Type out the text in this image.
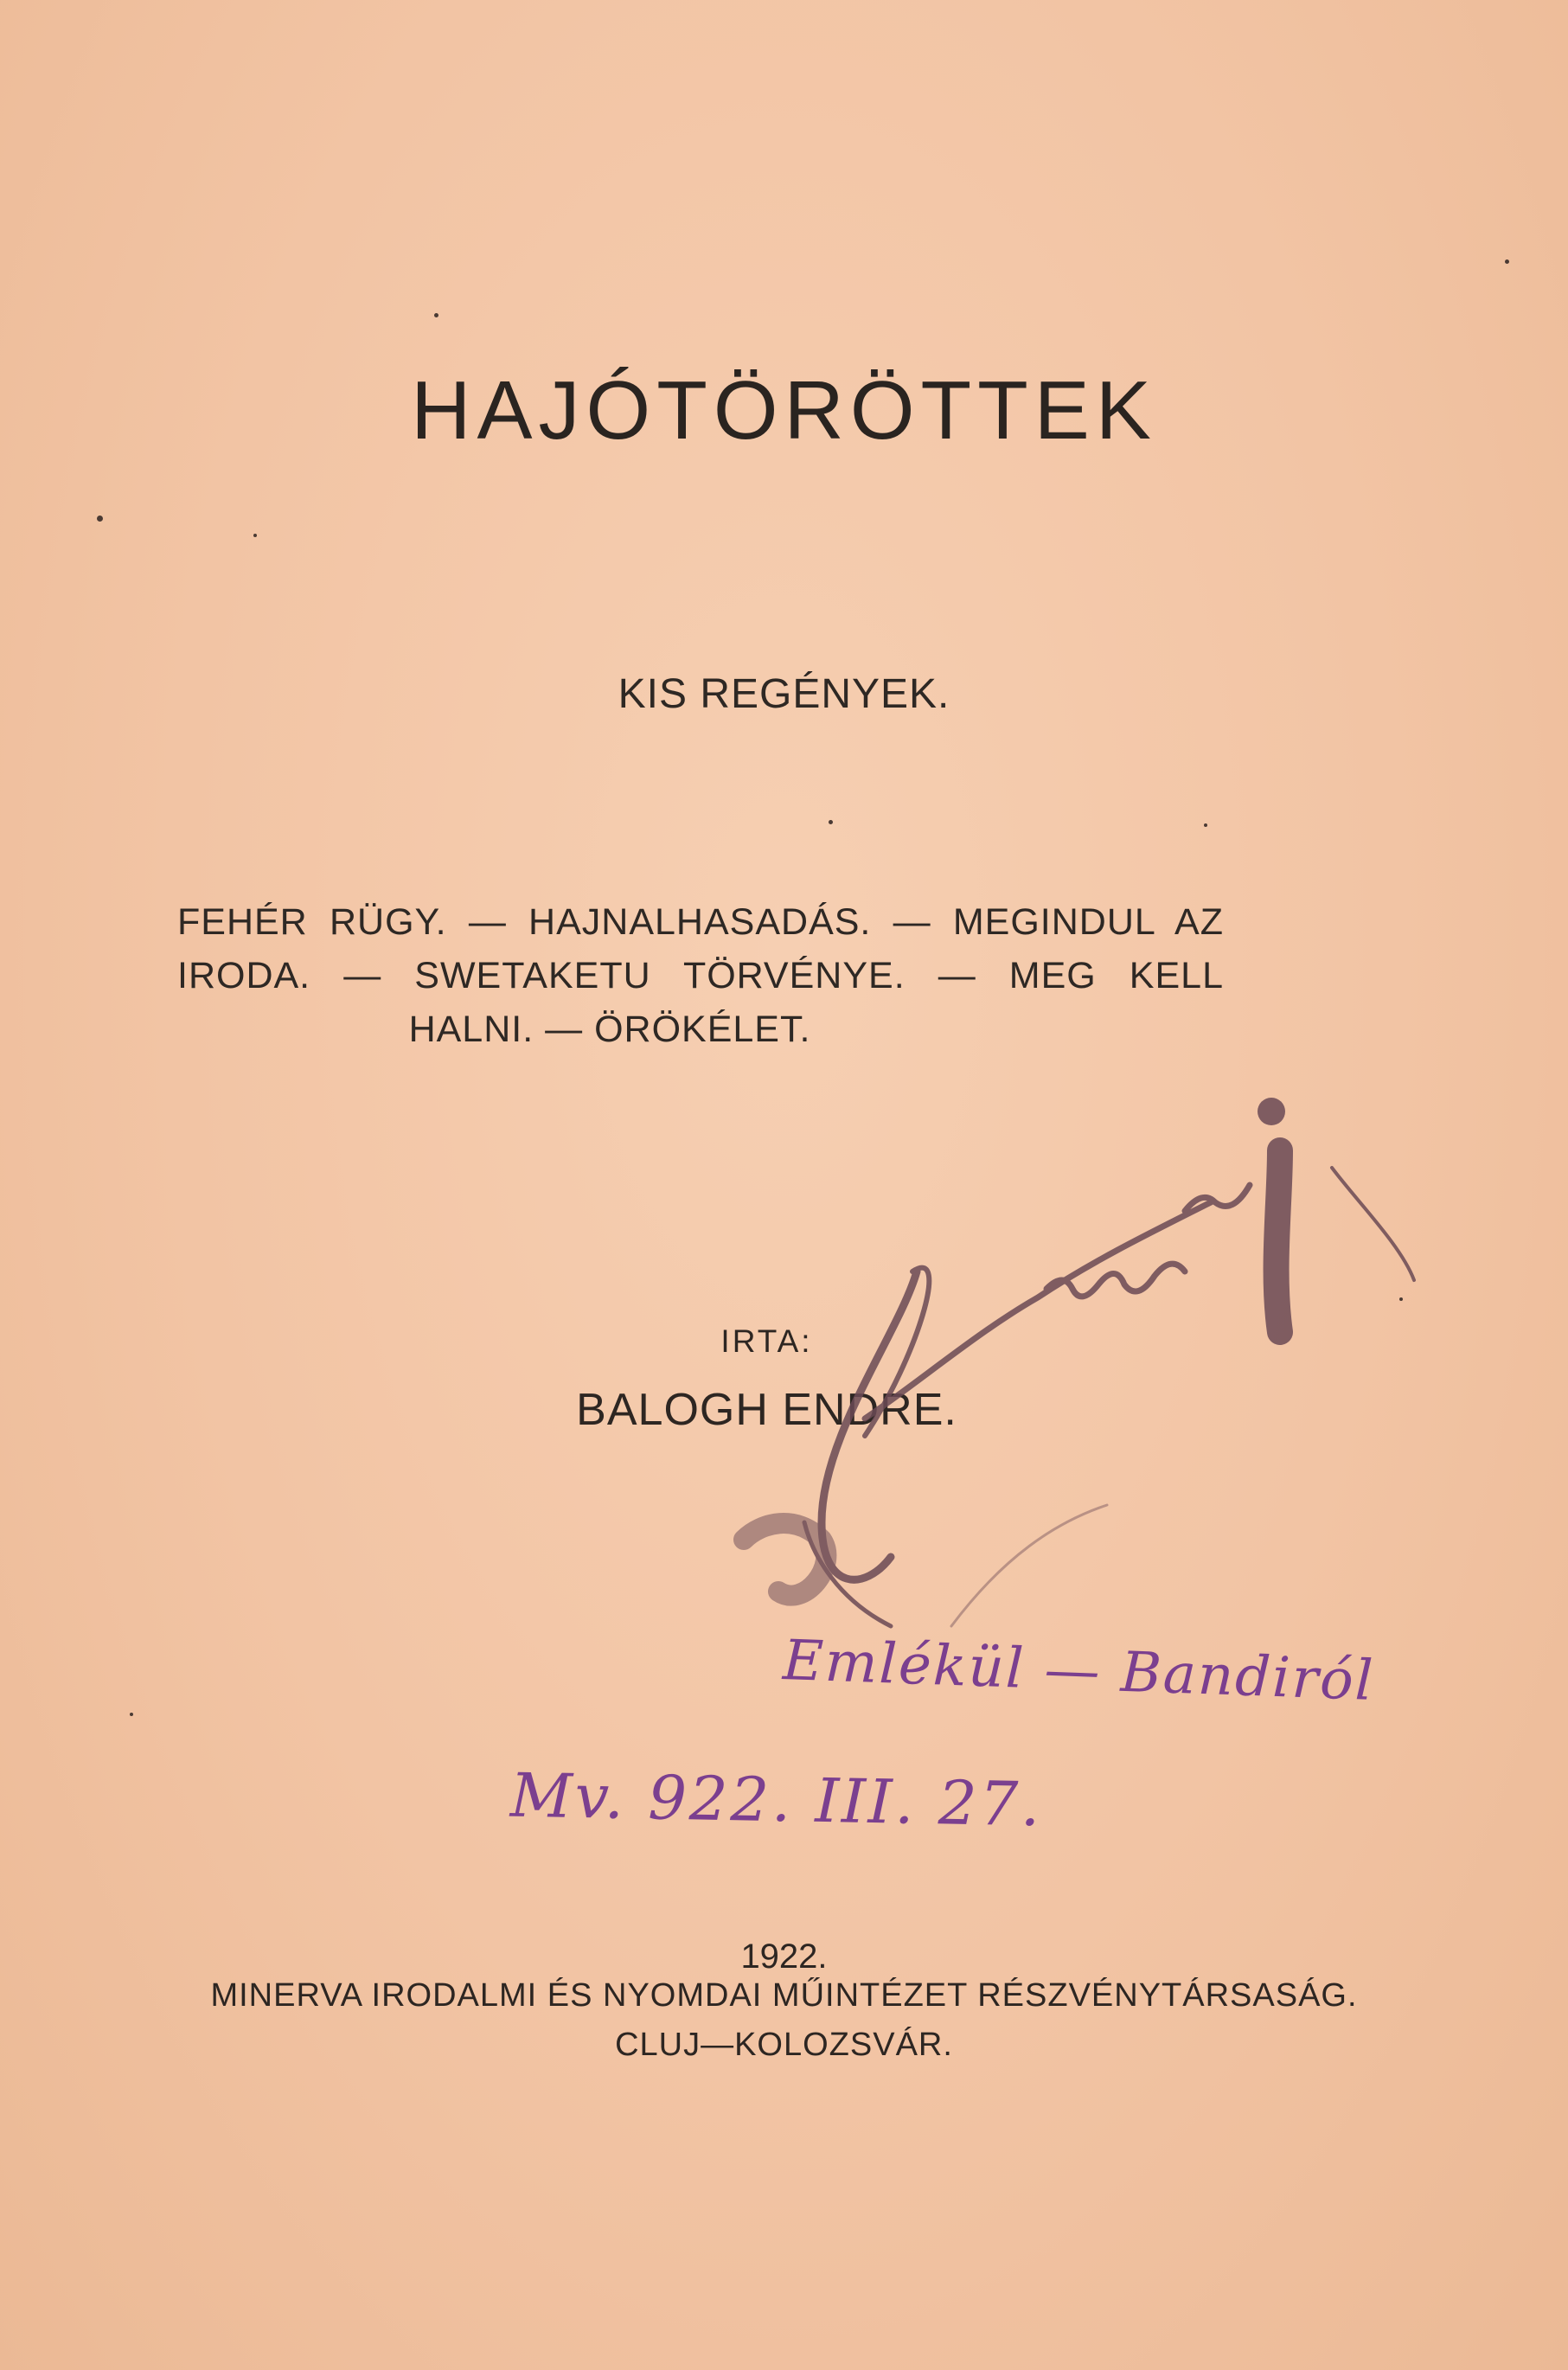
HAJÓTÖRÖTTEK
KIS REGÉNYEK.
FEHÉR RÜGY. — HAJNALHASADÁS. — MEGINDUL AZ
IRODA. — SWETAKETU TÖRVÉNYE. — MEG KELL
HALNI. — ÖRÖKÉLET.
IRTA:
BALOGH ENDRE.
Emlékül — Bandiról
Mv. 922. III. 27.
1922.
MINERVA IRODALMI ÉS NYOMDAI MŰINTÉZET RÉSZVÉNYTÁRSASÁG.
CLUJ—KOLOZSVÁR.
